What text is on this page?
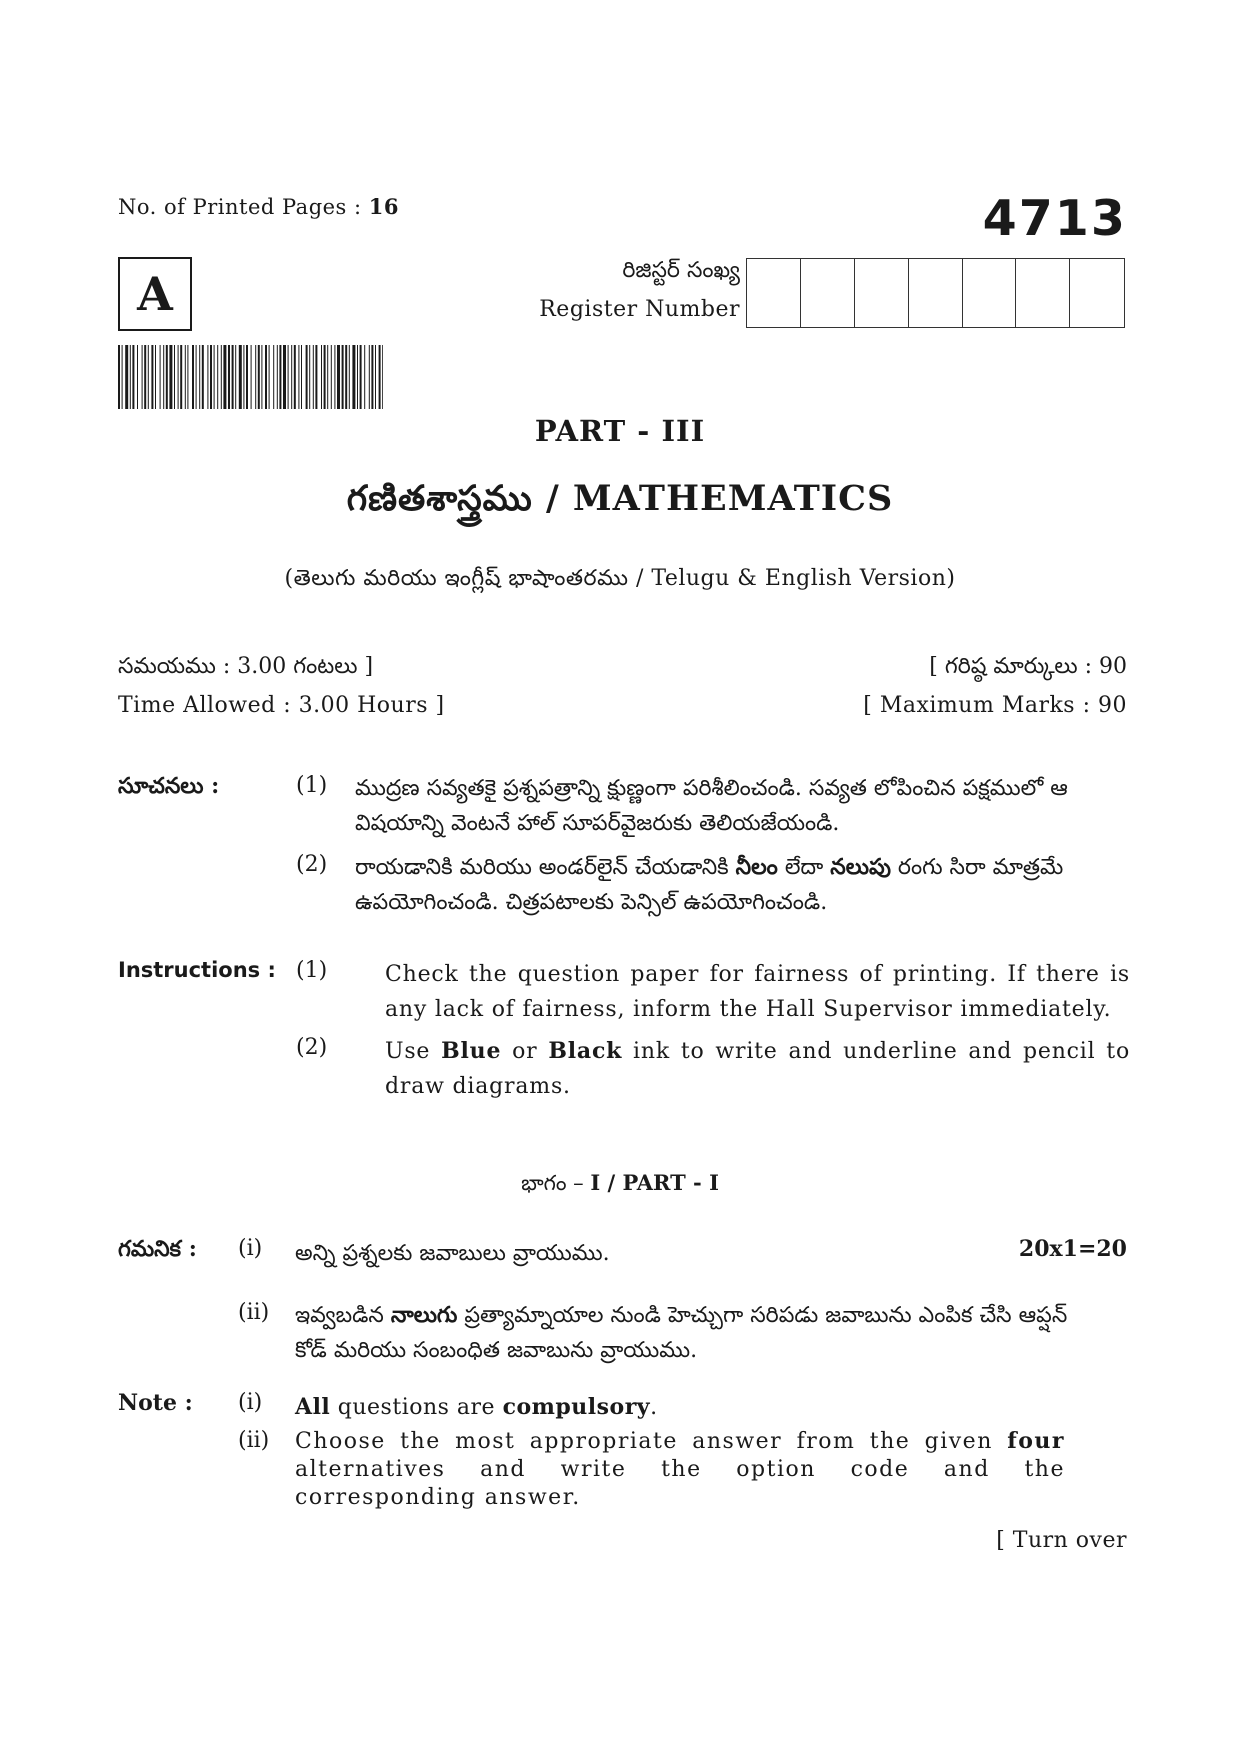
No. of Printed Pages : 16	4713
A	రిజిస్టర్ సంఖ్య
Register Number
PART - III
గణితశాస్త్రము / MATHEMATICS
(తెలుగు మరియు ఇంగ్లీష్ భాషాంతరము / Telugu & English Version)
సమయము : 3.00 గంటలు ]
Time Allowed : 3.00 Hours ]
[ గరిష్ఠ మార్కులు : 90
[ Maximum Marks : 90
సూచనలు :	(1) ముద్రణ సవ్యతకై ప్రశ్నపత్రాన్ని క్షుణ్ణంగా పరిశీలించండి. సవ్యత లోపించిన పక్షములో ఆ విషయాన్ని వెంటనే హాల్ సూపర్‌వైజరుకు తెలియజేయండి.
(2) రాయడానికి మరియు అండర్‌లైన్ చేయడానికి నీలం లేదా నలుపు రంగు సిరా మాత్రమే ఉపయోగించండి. చిత్రపటాలకు పెన్సిల్ ఉపయోగించండి.
Instructions : (1)	Check the question paper for fairness of printing. If there is any lack of fairness, inform the Hall Supervisor immediately.
(2)	Use Blue or Black ink to write and underline and pencil to draw diagrams.
భాగం – I / PART - I
గమనిక : (i) అన్ని ప్రశ్నలకు జవాబులు వ్రాయుము.	20x1=20
(ii) ఇవ్వబడిన నాలుగు ప్రత్యామ్నాయాల నుండి హెచ్చుగా సరిపడు జవాబును ఎంపిక చేసి ఆప్షన్ కోడ్ మరియు సంబంధిత జవాబును వ్రాయుము.
Note : (i) All questions are compulsory.
(ii) Choose the most appropriate answer from the given four alternatives and write the option code and the corresponding answer.
[ Turn over
